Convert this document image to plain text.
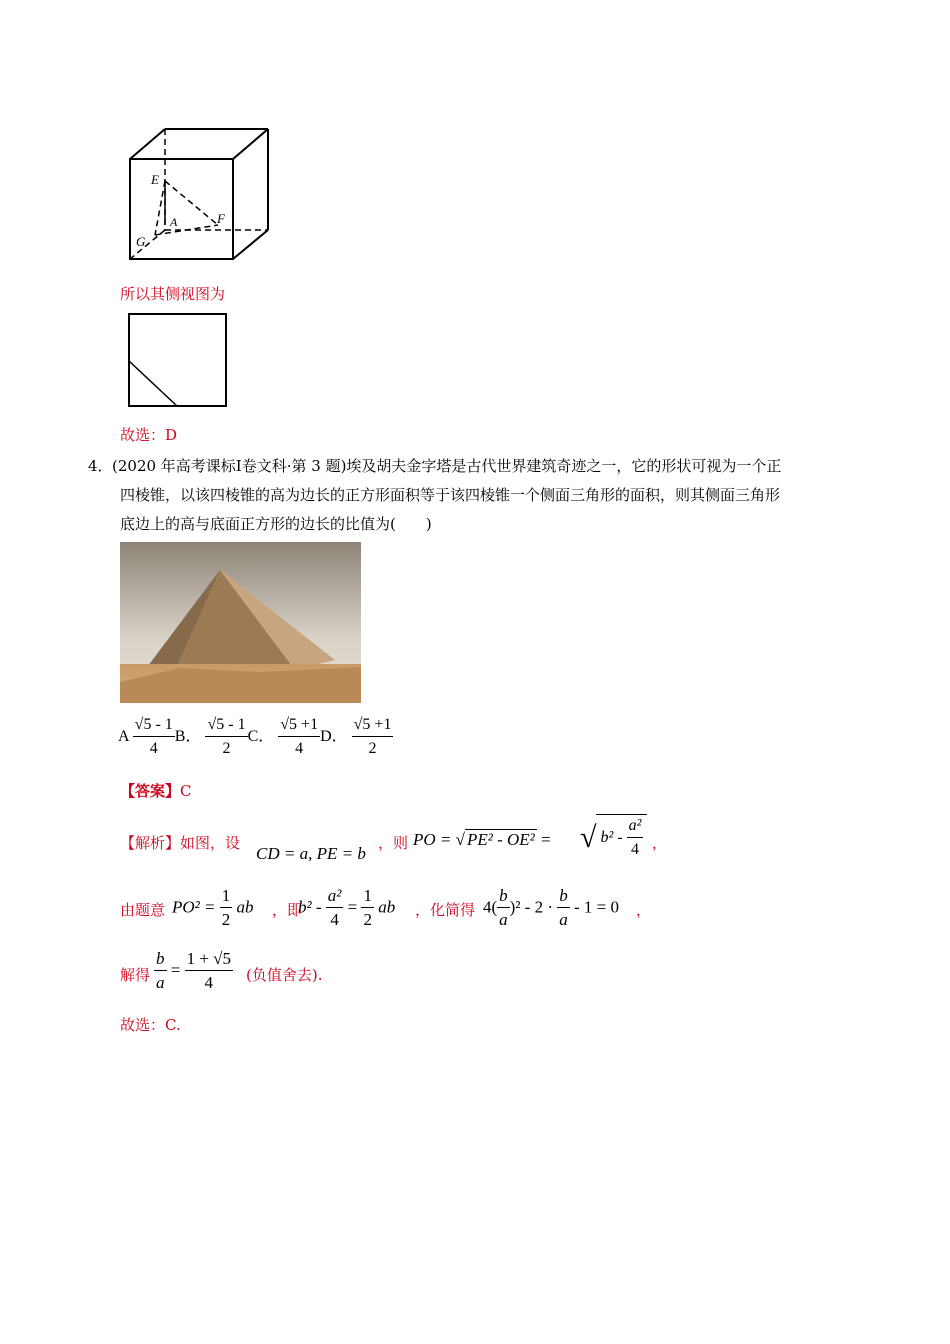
E
A	F
G
所以其侧视图为
故选：D
4． (2020 年高考课标Ⅰ卷文科·第 3 题)埃及胡夫金字塔是古代世界建筑奇迹之一，它的形状可视为一个正
四棱锥，以该四棱锥的高为边长的正方形面积等于该四棱锥一个侧面三角形的面积，则其侧面三角形
底边上的高与底面正方形的边长的比值为(　　)
A $\frac{√5 - 1}{4}$ B． $\frac{√5 - 1}{2}$ C． $\frac{√5 +1}{4}$ D． $\frac{√5 +1}{2}$
【答案】C
【解析】如图，设
CD = a, PE = b
，则 PO = √ PE² - OE² = √ $b^2 - \frac{\text{a²}}{4}$ ，
由题意 $PO^2 = \frac{1}{2}$ ab ，即
$b^2 - \frac{\text{a²}}{4} = \frac{1}{2}$ ab ，化简得 $4( \frac{b}{a} )^2 - 2 \cdot \frac{b}{a} - 1 = 0$ ，
解得 $\frac{b}{a} = \frac{1 + √5}{4}$ (负值舍去).
故选：C.
